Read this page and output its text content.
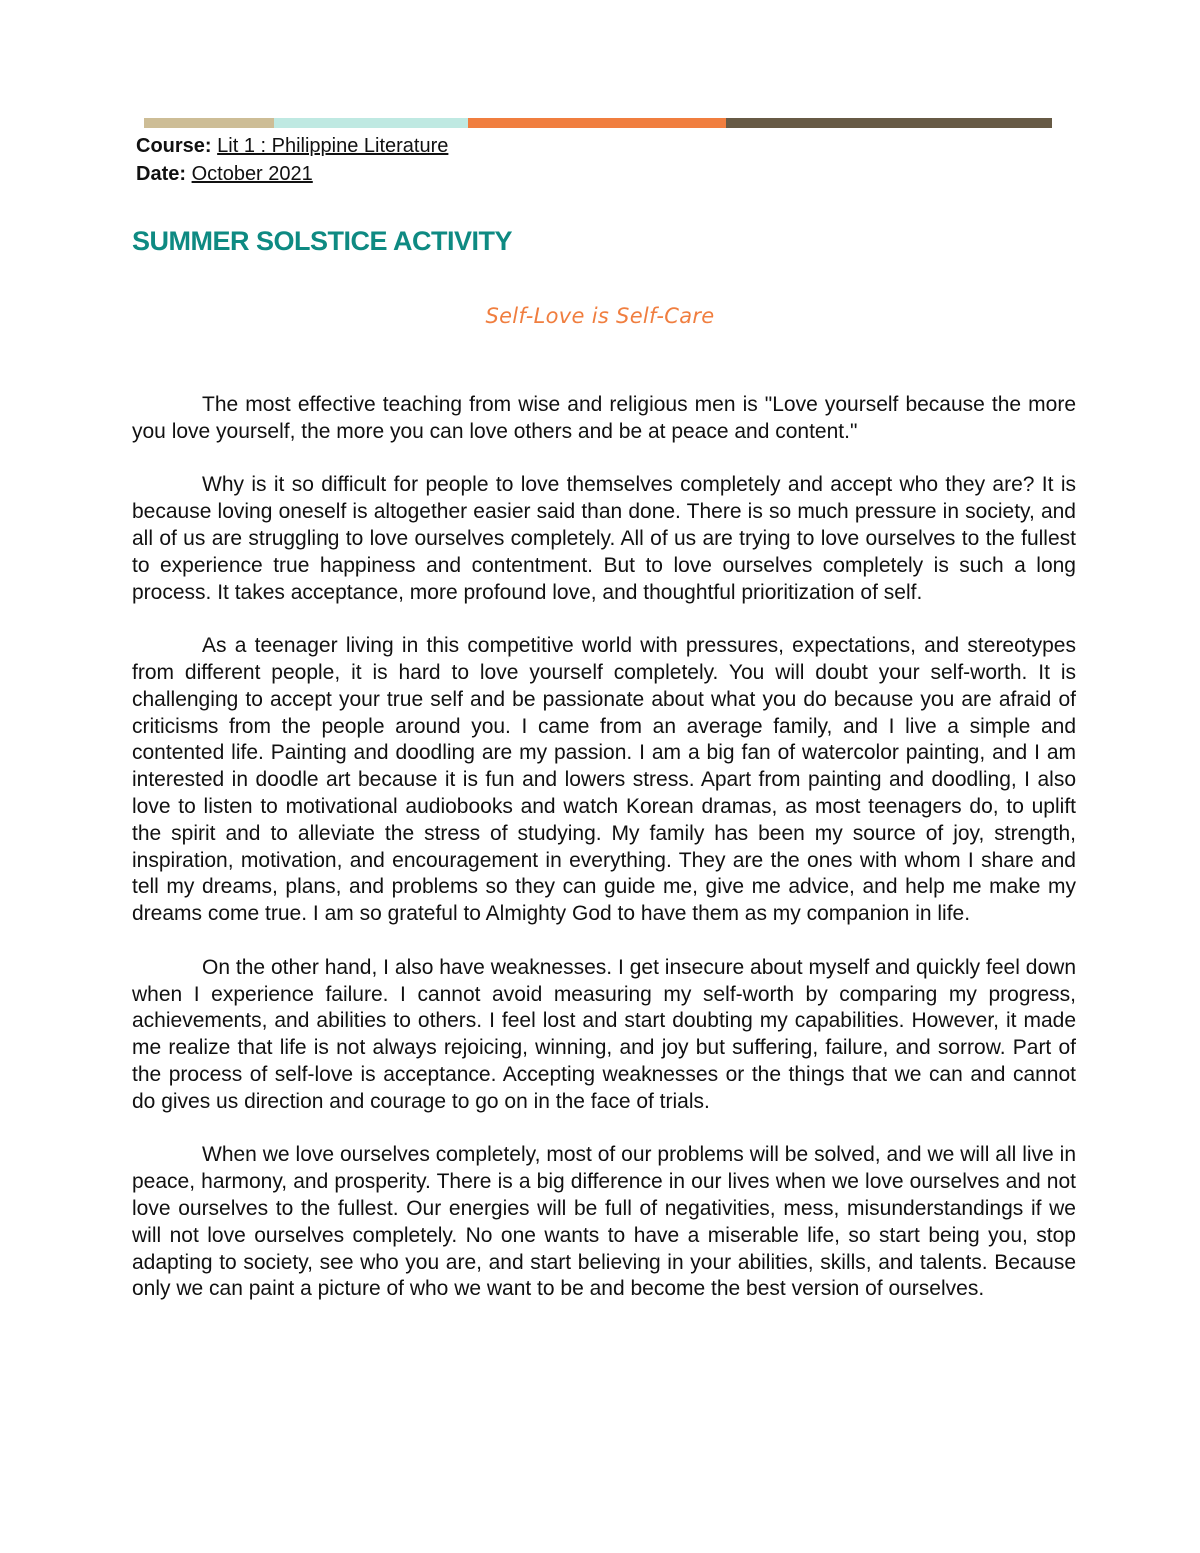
Course: Lit 1 : Philippine Literature
Date: October 2021
SUMMER SOLSTICE ACTIVITY
Self-Love is Self-Care

The most effective teaching from wise and religious men is "Love yourself because the more you love yourself, the more you can love others and be at peace and content."

Why is it so difficult for people to love themselves completely and accept who they are? It is because loving oneself is altogether easier said than done. There is so much pressure in society, and all of us are struggling to love ourselves completely. All of us are trying to love ourselves to the fullest to experience true happiness and contentment. But to love ourselves completely is such a long process. It takes acceptance, more profound love, and thoughtful prioritization of self.

As a teenager living in this competitive world with pressures, expectations, and stereotypes from different people, it is hard to love yourself completely. You will doubt your self-worth. It is challenging to accept your true self and be passionate about what you do because you are afraid of criticisms from the people around you. I came from an average family, and I live a simple and contented life. Painting and doodling are my passion. I am a big fan of watercolor painting, and I am interested in doodle art because it is fun and lowers stress. Apart from painting and doodling, I also love to listen to motivational audiobooks and watch Korean dramas, as most teenagers do, to uplift the spirit and to alleviate the stress of studying. My family has been my source of joy, strength, inspiration, motivation, and encouragement in everything. They are the ones with whom I share and tell my dreams, plans, and problems so they can guide me, give me advice, and help me make my dreams come true. I am so grateful to Almighty God to have them as my companion in life.

On the other hand, I also have weaknesses. I get insecure about myself and quickly feel down when I experience failure. I cannot avoid measuring my self-worth by comparing my progress, achievements, and abilities to others. I feel lost and start doubting my capabilities. However, it made me realize that life is not always rejoicing, winning, and joy but suffering, failure, and sorrow. Part of the process of self-love is acceptance. Accepting weaknesses or the things that we can and cannot do gives us direction and courage to go on in the face of trials.

When we love ourselves completely, most of our problems will be solved, and we will all live in peace, harmony, and prosperity. There is a big difference in our lives when we love ourselves and not love ourselves to the fullest. Our energies will be full of negativities, mess, misunderstandings if we will not love ourselves completely. No one wants to have a miserable life, so start being you, stop adapting to society, see who you are, and start believing in your abilities, skills, and talents. Because only we can paint a picture of who we want to be and become the best version of ourselves.
